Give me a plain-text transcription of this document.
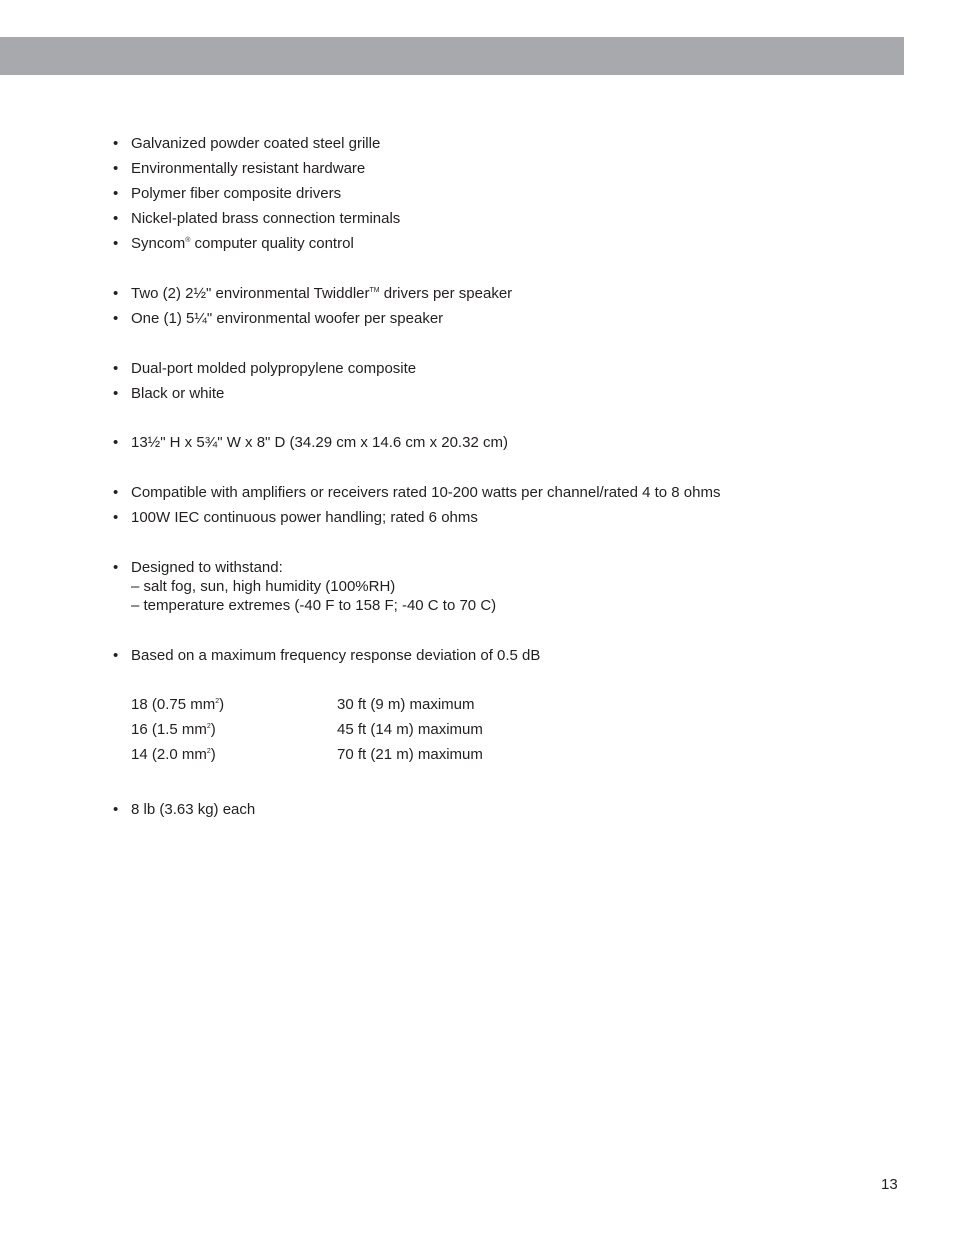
• Galvanized powder coated steel grille
• Environmentally resistant hardware
• Polymer fiber composite drivers
• Nickel-plated brass connection terminals
• Syncom® computer quality control
• Two (2) 2½" environmental Twiddler™ drivers per speaker
• One (1) 5¼" environmental woofer per speaker
• Dual-port molded polypropylene composite
• Black or white
• 13½" H x 5¾" W x 8" D (34.29 cm x 14.6 cm x 20.32 cm)
• Compatible with amplifiers or receivers rated 10-200 watts per channel/rated 4 to 8 ohms
• 100W IEC continuous power handling; rated 6 ohms
• Designed to withstand:
– salt fog, sun, high humidity (100%RH)
– temperature extremes (-40 F to 158 F; -40 C to 70 C)
• Based on a maximum frequency response deviation of 0.5 dB
18 (0.75 $mm^2$)	30 ft (9 m) maximum
16 (1.5 $mm^2$)	45 ft (14 m) maximum
14 (2.0 $mm^2$)	70 ft (21 m) maximum
• 8 lb (3.63 kg) each
13
